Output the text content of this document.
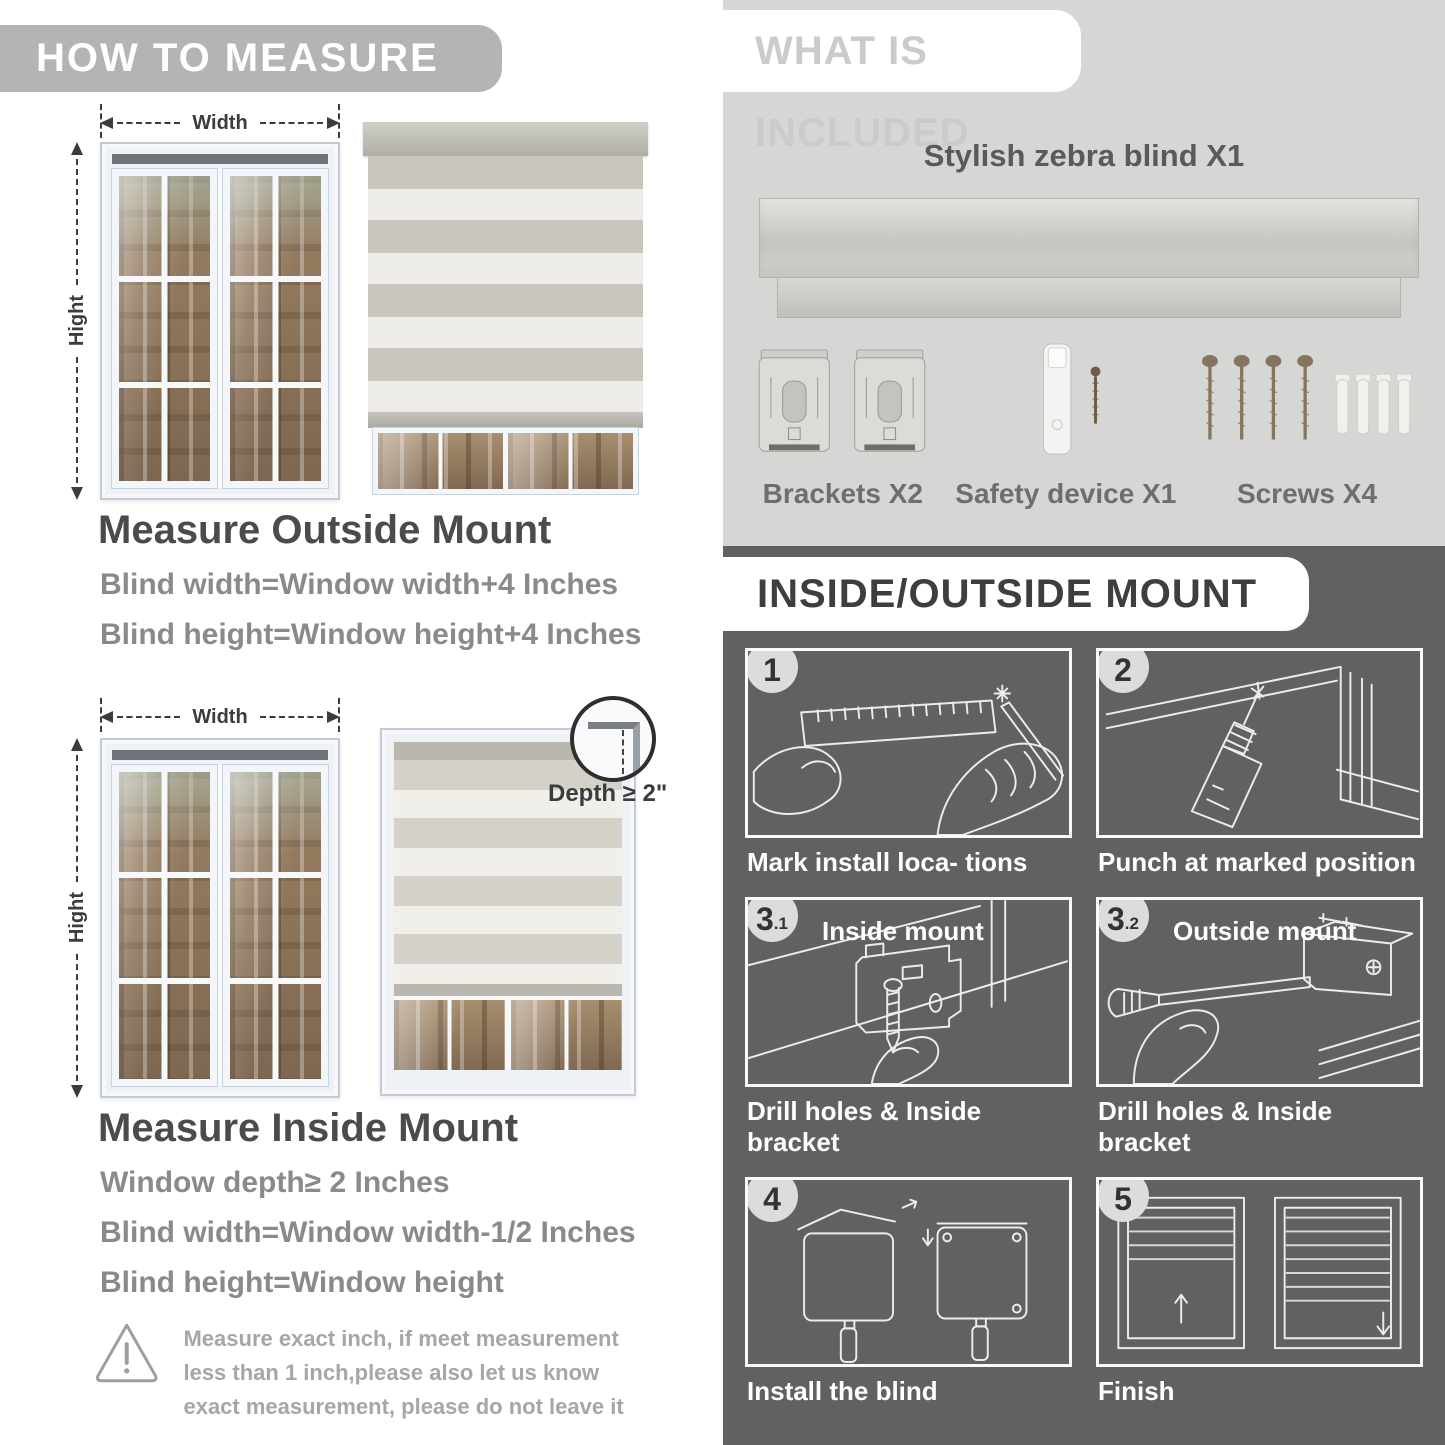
HOW TO MEASURE
Width
Hight
Measure Outside Mount
Blind width=Window width+4 Inches
Blind height=Window height+4 Inches
Width
Hight
Depth ≥ 2"
Measure Inside Mount
Window depth≥ 2 Inches
Blind width=Window width-1/2 Inches
Blind height=Window height
Measure exact inch, if meet measurement less than 1 inch,please also let us know exact measurement, please do not leave it
WHAT IS INCLUDED
Stylish zebra blind X1
Brackets X2 Safety device X1 Screws X4
INSIDE/OUTSIDE MOUNT
1
Mark install loca- tions
2
Punch at marked position
3 .1 Inside mount
Drill holes & Inside bracket
3 .2 Outside mount
Drill holes & Inside bracket
4
Install the blind
5
Finish
